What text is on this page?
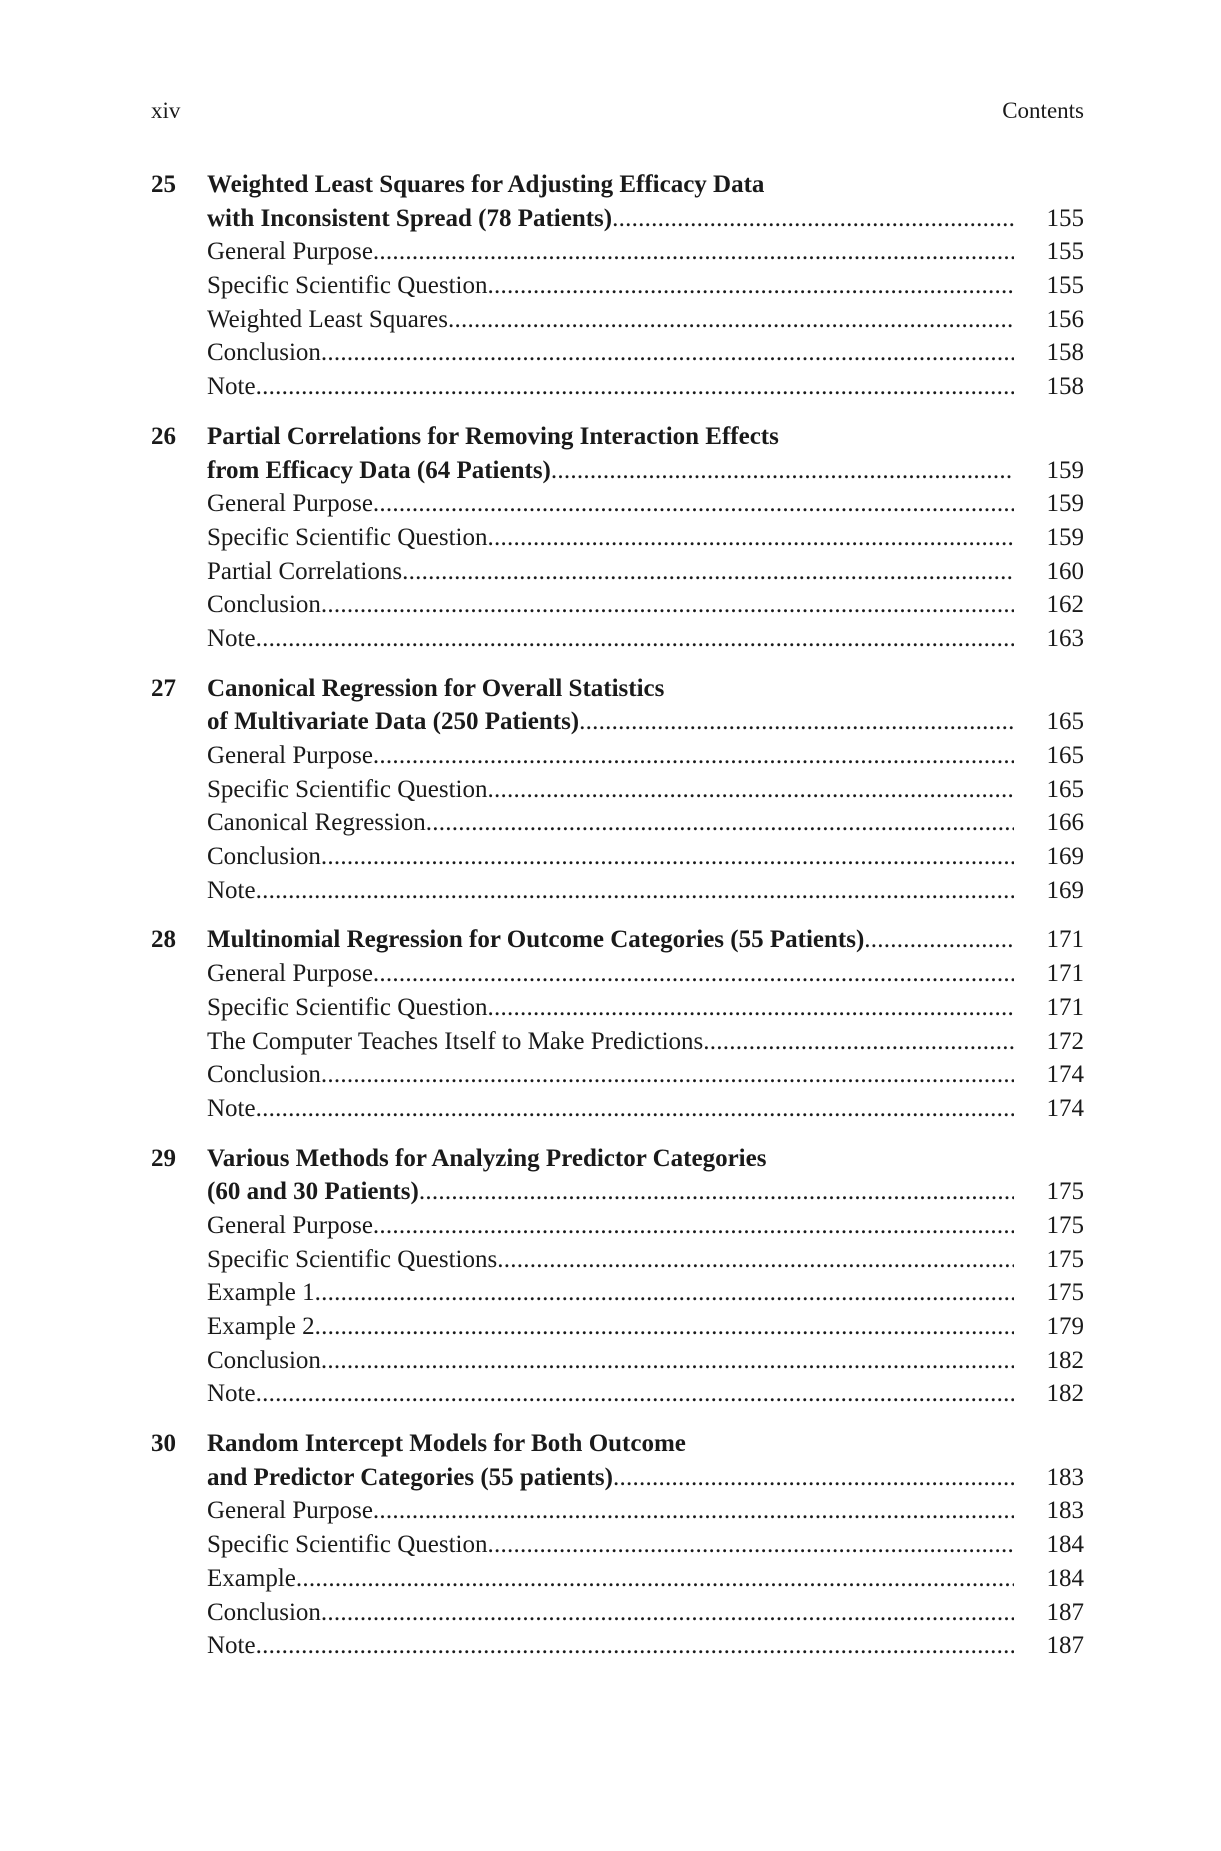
xiv	Contents
25 Weighted Least Squares for Adjusting Efficacy Data
with Inconsistent Spread (78 Patients) . . .	155
General Purpose . . .	155
Specific Scientific Question . . .	155
Weighted Least Squares . . .	156
Conclusion . . .	158
Note . . .	158
26 Partial Correlations for Removing Interaction Effects
from Efficacy Data (64 Patients) . . .	159
General Purpose . . .	159
Specific Scientific Question . . .	159
Partial Correlations . . .	160
Conclusion . . .	162
Note . . .	163
27 Canonical Regression for Overall Statistics
of Multivariate Data (250 Patients) . . .	165
General Purpose . . .	165
Specific Scientific Question . . .	165
Canonical Regression . . .	166
Conclusion . . .	169
Note . . .	169
28 Multinomial Regression for Outcome Categories (55 Patients) . . .	171
General Purpose . . .	171
Specific Scientific Question . . .	171
The Computer Teaches Itself to Make Predictions . . .	172
Conclusion . . .	174
Note . . .	174
29 Various Methods for Analyzing Predictor Categories
(60 and 30 Patients) . . .	175
General Purpose . . .	175
Specific Scientific Questions . . .	175
Example 1 . . .	175
Example 2 . . .	179
Conclusion . . .	182
Note . . .	182
30 Random Intercept Models for Both Outcome
and Predictor Categories (55 patients) . . .	183
General Purpose . . .	183
Specific Scientific Question . . .	184
Example . . .	184
Conclusion . . .	187
Note . . .	187
